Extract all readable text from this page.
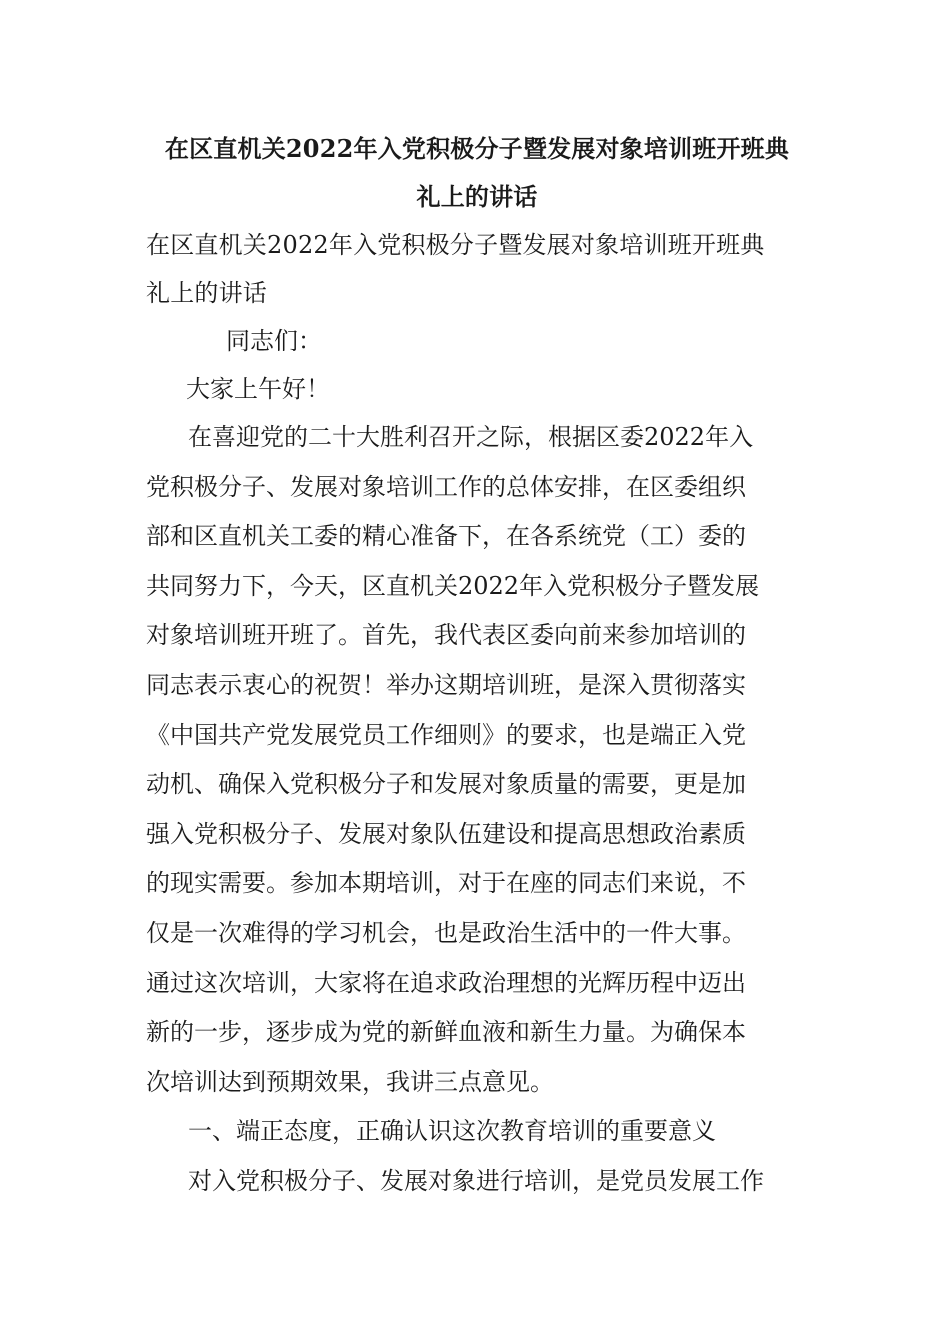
在区直机关2022年入党积极分子暨发展对象培训班开班典
礼上的讲话
在区直机关2022年入党积极分子暨发展对象培训班开班典
礼上的讲话

同志们：

大家上午好！

在喜迎党的二十大胜利召开之际，根据区委2022年入
党积极分子、发展对象培训工作的总体安排，在区委组织
部和区直机关工委的精心准备下，在各系统党（工）委的
共同努力下，今天，区直机关2022年入党积极分子暨发展
对象培训班开班了。首先，我代表区委向前来参加培训的
同志表示衷心的祝贺！举办这期培训班，是深入贯彻落实
《中国共产党发展党员工作细则》的要求，也是端正入党
动机、确保入党积极分子和发展对象质量的需要，更是加
强入党积极分子、发展对象队伍建设和提高思想政治素质
的现实需要。参加本期培训，对于在座的同志们来说，不
仅是一次难得的学习机会，也是政治生活中的一件大事。
通过这次培训，大家将在追求政治理想的光辉历程中迈出
新的一步，逐步成为党的新鲜血液和新生力量。为确保本
次培训达到预期效果，我讲三点意见。

一、端正态度，正确认识这次教育培训的重要意义

对入党积极分子、发展对象进行培训，是党员发展工作
